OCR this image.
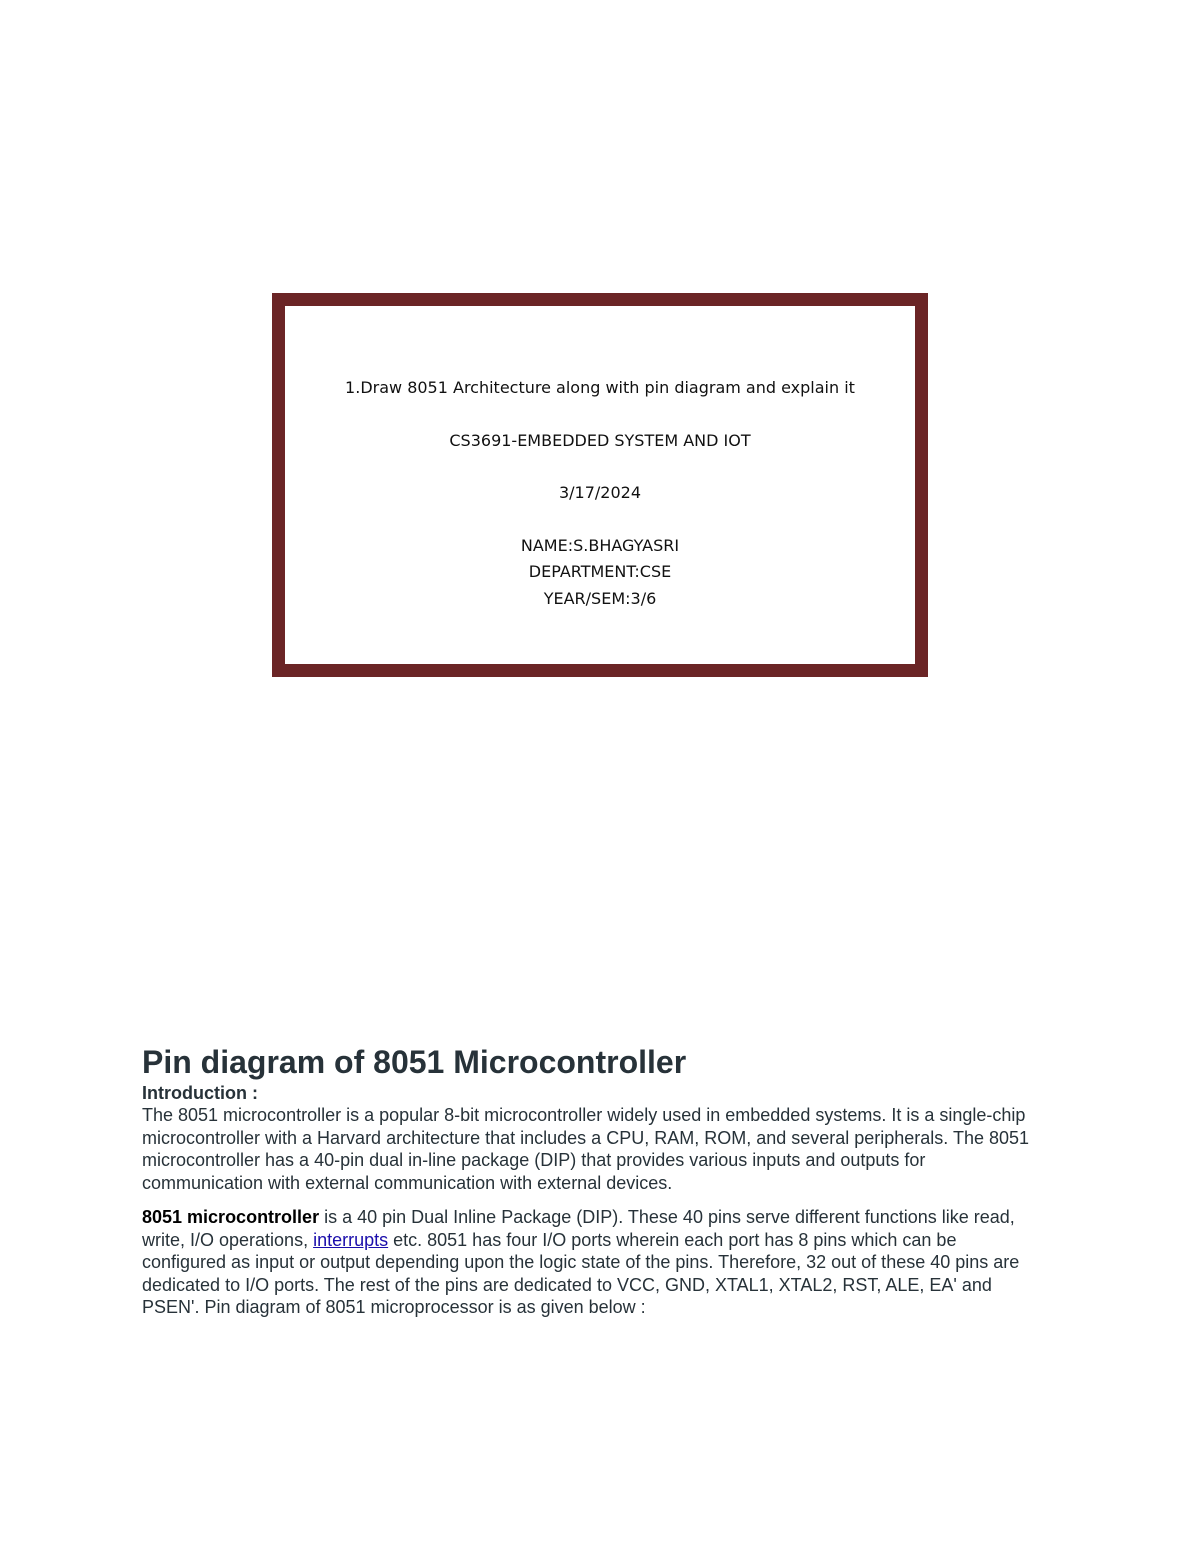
1.Draw 8051 Architecture along with pin diagram and explain it
CS3691-EMBEDDED SYSTEM AND IOT
3/17/2024
NAME:S.BHAGYASRI
DEPARTMENT:CSE
YEAR/SEM:3/6
Pin diagram of 8051 Microcontroller
Introduction :
The 8051 microcontroller is a popular 8-bit microcontroller widely used in embedded systems. It is a single-chip microcontroller with a Harvard architecture that includes a CPU, RAM, ROM, and several peripherals. The 8051 microcontroller has a 40-pin dual in-line package (DIP) that provides various inputs and outputs for communication with external communication with external devices.
8051 microcontroller is a 40 pin Dual Inline Package (DIP). These 40 pins serve different functions like read, write, I/O operations, interrupts etc. 8051 has four I/O ports wherein each port has 8 pins which can be configured as input or output depending upon the logic state of the pins. Therefore, 32 out of these 40 pins are dedicated to I/O ports. The rest of the pins are dedicated to VCC, GND, XTAL1, XTAL2, RST, ALE, EA' and PSEN'. Pin diagram of 8051 microprocessor is as given below :
